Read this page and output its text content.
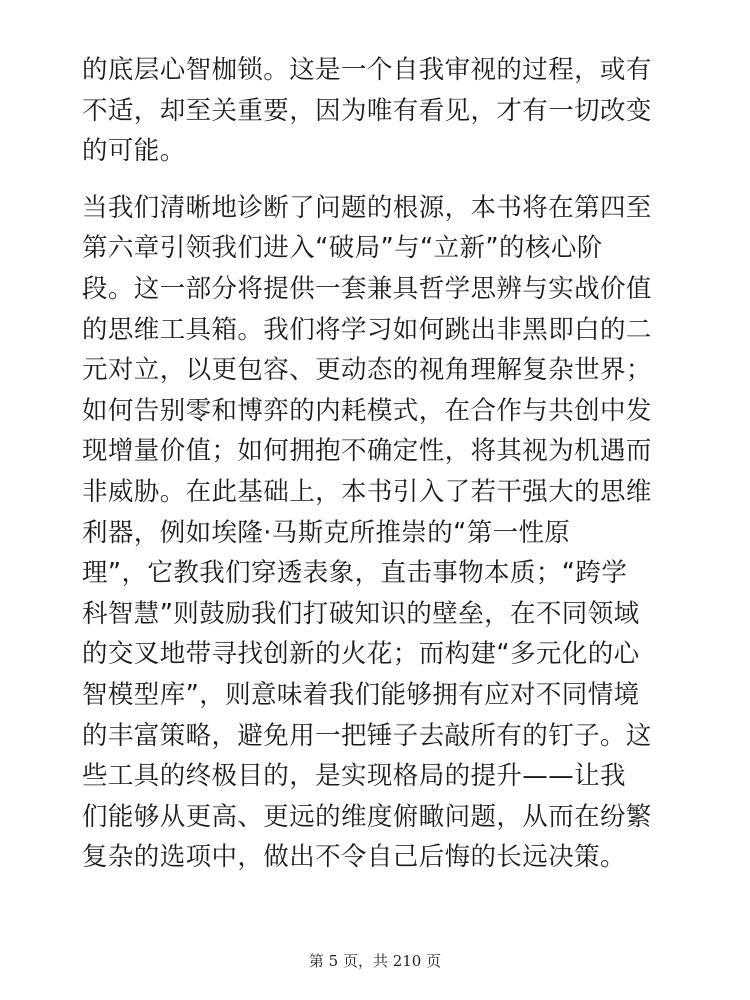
的底层心智枷锁。这是一个自我审视的过程，或有
不适，却至关重要，因为唯有看见，才有一切改变
的可能。

当我们清晰地诊断了问题的根源，本书将在第四至
第六章引领我们进入“破局”与“立新”的核心阶
段。这一部分将提供一套兼具哲学思辨与实战价值
的思维工具箱。我们将学习如何跳出非黑即白的二
元对立，以更包容、更动态的视角理解复杂世界；
如何告别零和博弈的内耗模式，在合作与共创中发
现增量价值；如何拥抱不确定性，将其视为机遇而
非威胁。在此基础上，本书引入了若干强大的思维
利器，例如埃隆·马斯克所推崇的“第一性原
理”，它教我们穿透表象，直击事物本质；“跨学
科智慧”则鼓励我们打破知识的壁垒，在不同领域
的交叉地带寻找创新的火花；而构建“多元化的心
智模型库”，则意味着我们能够拥有应对不同情境
的丰富策略，避免用一把锤子去敲所有的钉子。这
些工具的终极目的，是实现格局的提升——让我
们能够从更高、更远的维度俯瞰问题，从而在纷繁
复杂的选项中，做出不令自己后悔的长远决策。

第 5 页，共 210 页
